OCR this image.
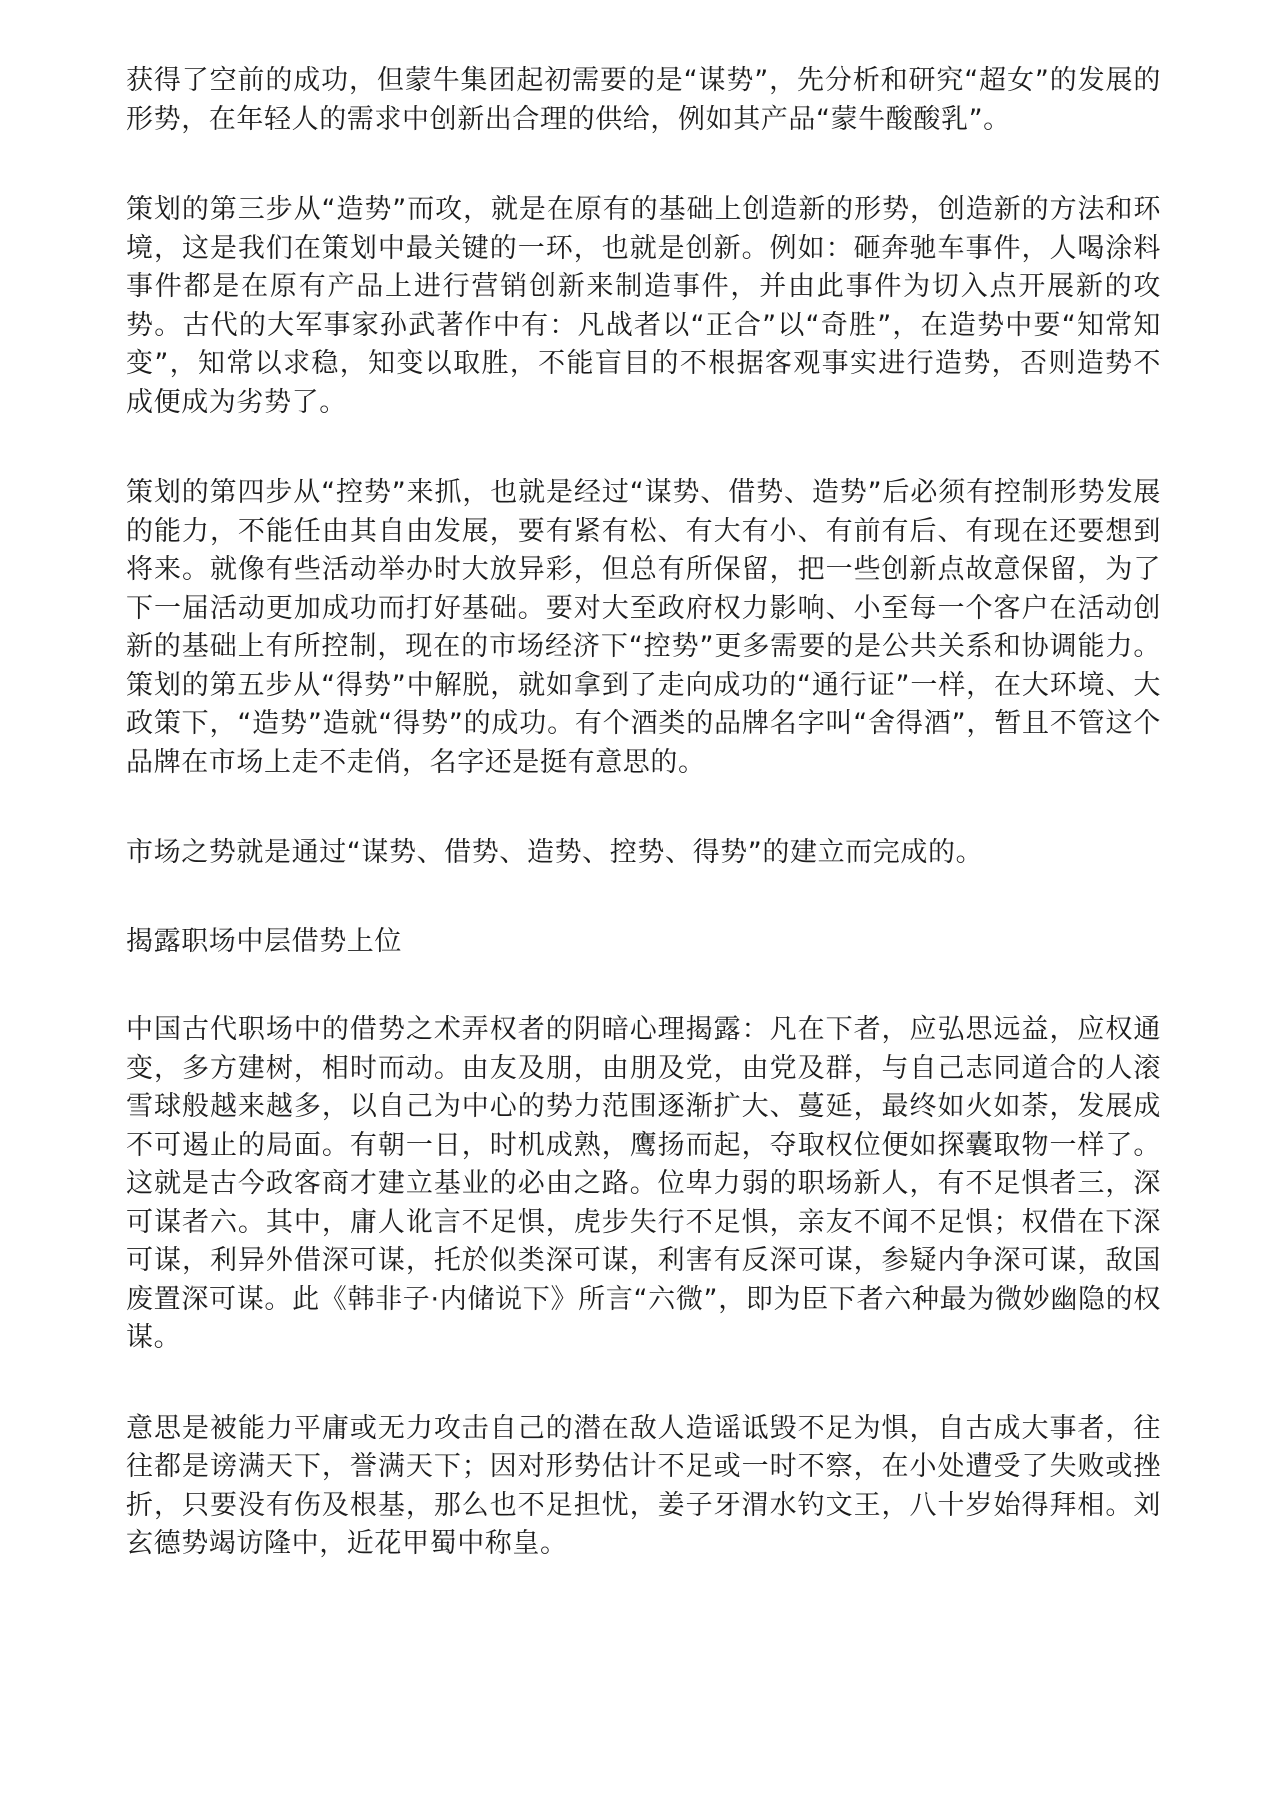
获得了空前的成功，但蒙牛集团起初需要的是“谋势”，先分析和研究“超女”的发展的形势，在年轻人的需求中创新出合理的供给，例如其产品“蒙牛酸酸乳”。

策划的第三步从“造势”而攻，就是在原有的基础上创造新的形势，创造新的方法和环境，这是我们在策划中最关键的一环，也就是创新。例如：砸奔驰车事件，人喝涂料事件都是在原有产品上进行营销创新来制造事件，并由此事件为切入点开展新的攻势。古代的大军事家孙武著作中有：凡战者以“正合”以“奇胜”，在造势中要“知常知变”，知常以求稳，知变以取胜，不能盲目的不根据客观事实进行造势，否则造势不成便成为劣势了。

策划的第四步从“控势”来抓，也就是经过“谋势、借势、造势”后必须有控制形势发展的能力，不能任由其自由发展，要有紧有松、有大有小、有前有后、有现在还要想到将来。就像有些活动举办时大放异彩，但总有所保留，把一些创新点故意保留，为了下一届活动更加成功而打好基础。要对大至政府权力影响、小至每一个客户在活动创新的基础上有所控制，现在的市场经济下“控势”更多需要的是公共关系和协调能力。策划的第五步从“得势”中解脱，就如拿到了走向成功的“通行证”一样，在大环境、大政策下，“造势”造就“得势”的成功。有个酒类的品牌名字叫“舍得酒”，暂且不管这个品牌在市场上走不走俏，名字还是挺有意思的。

市场之势就是通过“谋势、借势、造势、控势、得势”的建立而完成的。

揭露职场中层借势上位

中国古代职场中的借势之术弄权者的阴暗心理揭露：凡在下者，应弘思远益，应权通变，多方建树，相时而动。由友及朋，由朋及党，由党及群，与自己志同道合的人滚雪球般越来越多，以自己为中心的势力范围逐渐扩大、蔓延，最终如火如荼，发展成不可遏止的局面。有朝一日，时机成熟，鹰扬而起，夺取权位便如探囊取物一样了。这就是古今政客商才建立基业的必由之路。位卑力弱的职场新人，有不足惧者三，深可谋者六。其中，庸人讹言不足惧，虎步失行不足惧，亲友不闻不足惧；权借在下深可谋，利异外借深可谋，托於似类深可谋，利害有反深可谋，参疑内争深可谋，敌国废置深可谋。此《韩非子·内储说下》所言“六微”，即为臣下者六种最为微妙幽隐的权谋。

意思是被能力平庸或无力攻击自己的潜在敌人造谣诋毁不足为惧，自古成大事者，往往都是谤满天下，誉满天下；因对形势估计不足或一时不察，在小处遭受了失败或挫折，只要没有伤及根基，那么也不足担忧，姜子牙渭水钓文王，八十岁始得拜相。刘玄德势竭访隆中，近花甲蜀中称皇。
